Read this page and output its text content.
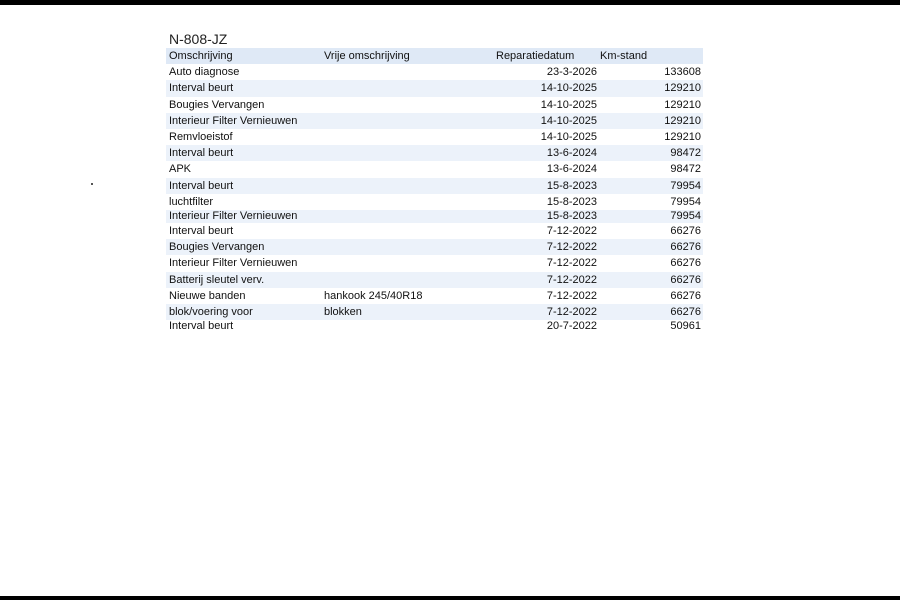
N-808-JZ
Omschrijving	Vrije omschrijving	Reparatiedatum Km-stand
Auto diagnose	23-3-2026	133608
Interval beurt	14-10-2025	129210
Bougies Vervangen	14-10-2025	129210
Interieur Filter Vernieuwen	14-10-2025	129210
Remvloeistof	14-10-2025	129210
Interval beurt	13-6-2024	98472
APK	13-6-2024	98472
Interval beurt	15-8-2023	79954
luchtfilter	15-8-2023	79954
Interieur Filter Vernieuwen	15-8-2023	79954
Interval beurt	7-12-2022	66276
Bougies Vervangen	7-12-2022	66276
Interieur Filter Vernieuwen	7-12-2022	66276
Batterij sleutel verv.	7-12-2022	66276
Nieuwe banden	hankook 245/40R18	7-12-2022	66276
blok/voering voor	blokken	7-12-2022	66276
Interval beurt	20-7-2022	50961
